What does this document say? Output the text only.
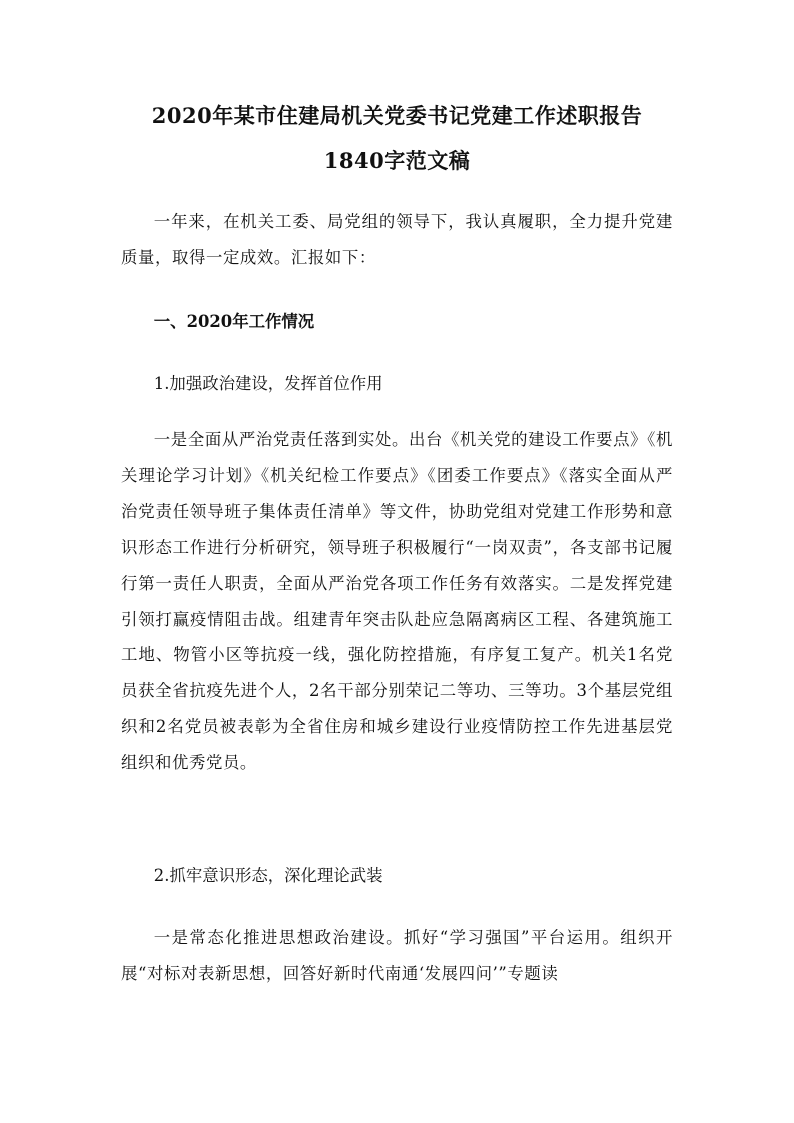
2020年某市住建局机关党委书记党建工作述职报告
1840字范文稿

一年来，在机关工委、局党组的领导下，我认真履职，全力提升党建质量，取得一定成效。汇报如下：

一、2020年工作情况

1.加强政治建设，发挥首位作用

一是全面从严治党责任落到实处。出台《机关党的建设工作要点》《机关理论学习计划》《机关纪检工作要点》《团委工作要点》《落实全面从严治党责任领导班子集体责任清单》等文件，协助党组对党建工作形势和意识形态工作进行分析研究，领导班子积极履行“一岗双责”，各支部书记履行第一责任人职责，全面从严治党各项工作任务有效落实。二是发挥党建引领打赢疫情阻击战。组建青年突击队赴应急隔离病区工程、各建筑施工工地、物管小区等抗疫一线，强化防控措施，有序复工复产。机关1名党员获全省抗疫先进个人，2名干部分别荣记二等功、三等功。3个基层党组织和2名党员被表彰为全省住房和城乡建设行业疫情防控工作先进基层党组织和优秀党员。

2.抓牢意识形态，深化理论武装

一是常态化推进思想政治建设。抓好“学习强国”平台运用。组织开展“对标对表新思想，回答好新时代南通‘发展四问’”专题读
